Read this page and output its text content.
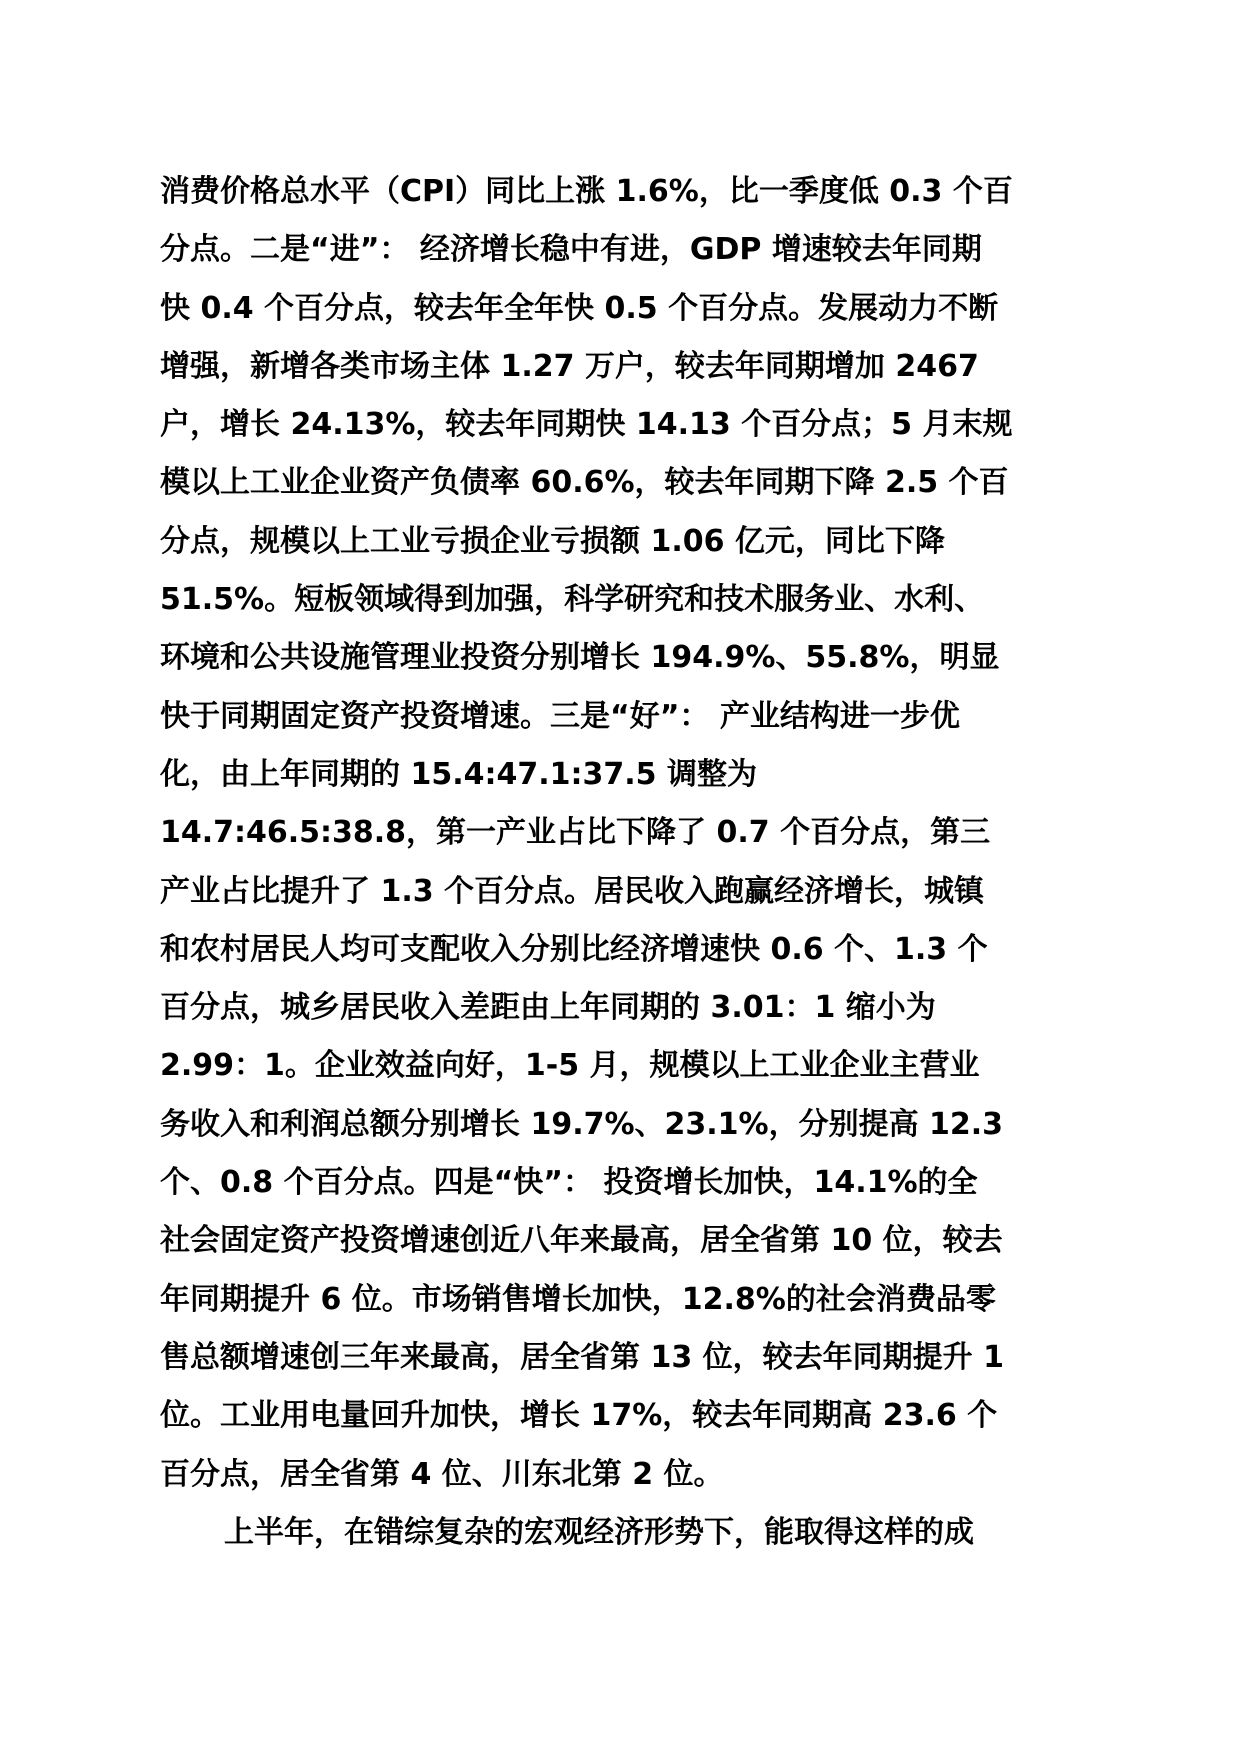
消费价格总水平（CPI）同比上涨 1.6%，比一季度低 0.3 个百
分点。二是“进”： 经济增长稳中有进，GDP 增速较去年同期
快 0.4 个百分点，较去年全年快 0.5 个百分点。发展动力不断
增强，新增各类市场主体 1.27 万户，较去年同期增加 2467
户，增长 24.13%，较去年同期快 14.13 个百分点；5 月末规
模以上工业企业资产负债率 60.6%，较去年同期下降 2.5 个百
分点，规模以上工业亏损企业亏损额 1.06 亿元，同比下降
51.5%。短板领域得到加强，科学研究和技术服务业、水利、
环境和公共设施管理业投资分别增长 194.9%、55.8%，明显
快于同期固定资产投资增速。三是“好”： 产业结构进一步优
化，由上年同期的 15.4:47.1:37.5 调整为
14.7:46.5:38.8，第一产业占比下降了 0.7 个百分点，第三
产业占比提升了 1.3 个百分点。居民收入跑赢经济增长，城镇
和农村居民人均可支配收入分别比经济增速快 0.6 个、1.3 个
百分点，城乡居民收入差距由上年同期的 3.01：1 缩小为
2.99：1。企业效益向好，1-5 月，规模以上工业企业主营业
务收入和利润总额分别增长 19.7%、23.1%，分别提高 12.3
个、0.8 个百分点。四是“快”： 投资增长加快，14.1%的全
社会固定资产投资增速创近八年来最高，居全省第 10 位，较去
年同期提升 6 位。市场销售增长加快，12.8%的社会消费品零
售总额增速创三年来最高，居全省第 13 位，较去年同期提升 1
位。工业用电量回升加快，增长 17%，较去年同期高 23.6 个
百分点，居全省第 4 位、川东北第 2 位。
上半年，在错综复杂的宏观经济形势下，能取得这样的成
